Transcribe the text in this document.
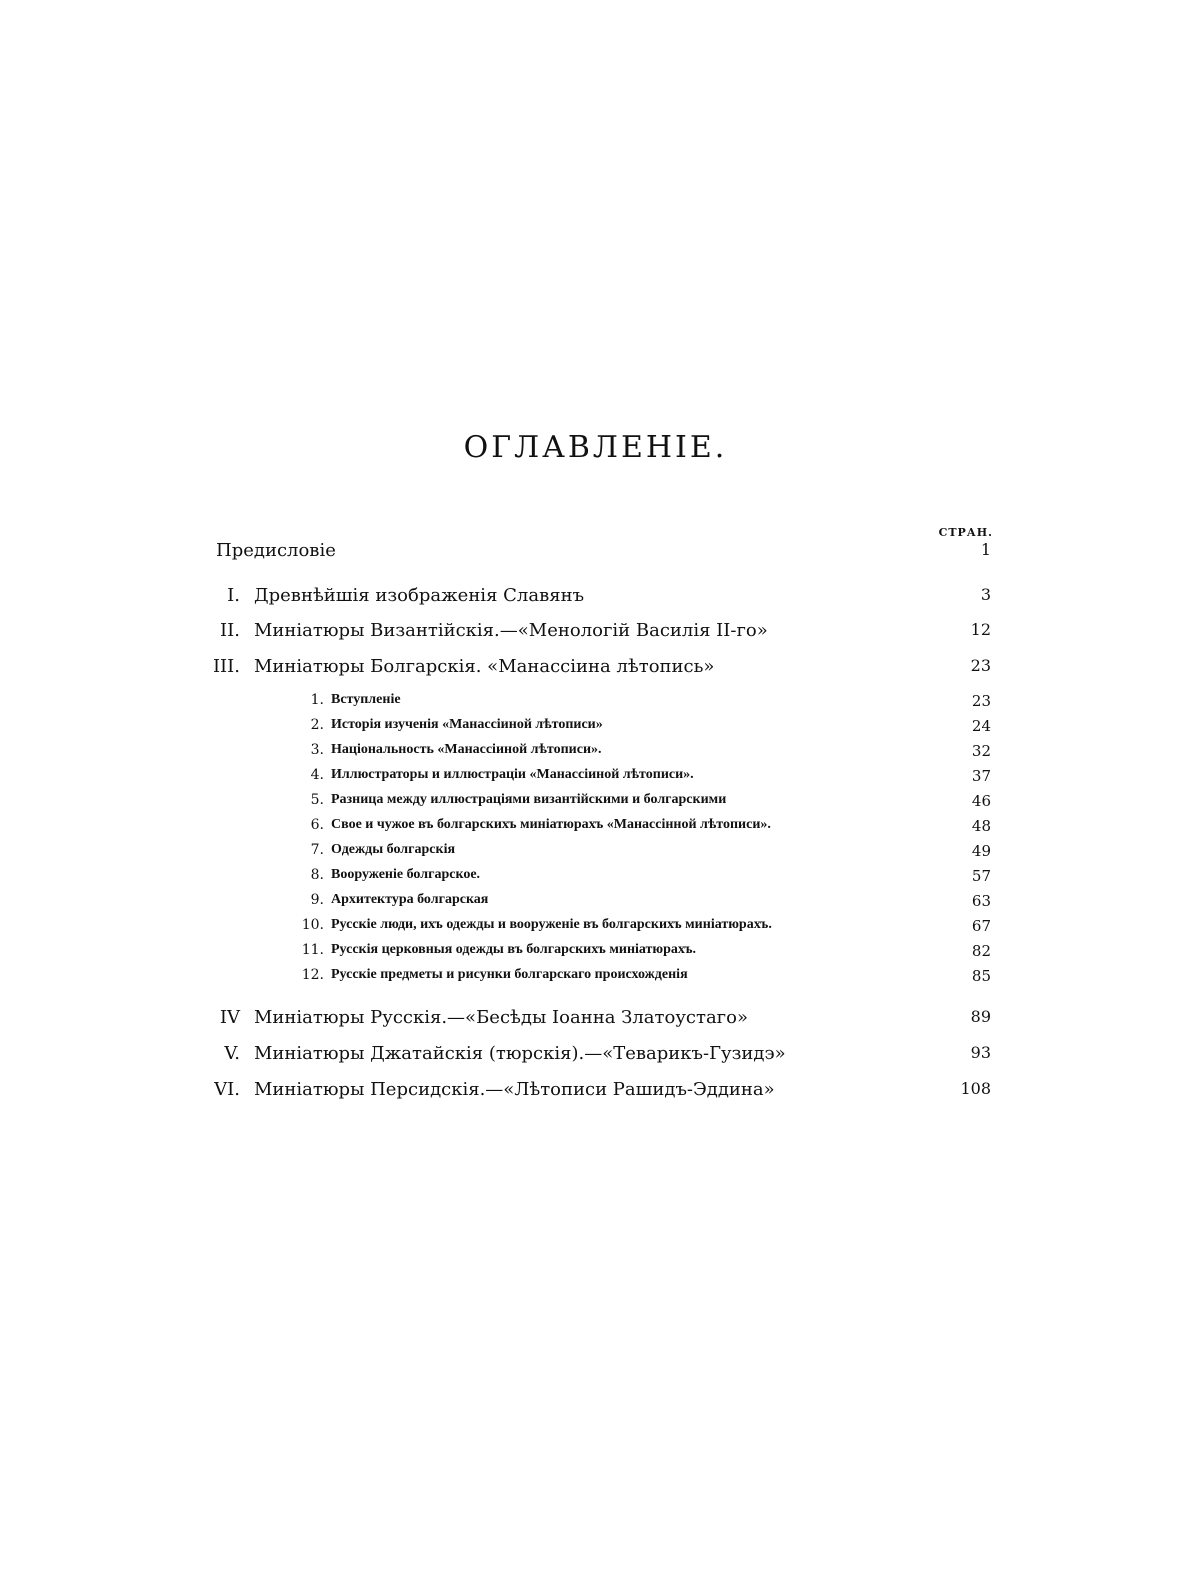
ОГЛАВЛЕНІЕ.
СТРАН.
Предисловіе	1
I. Древнѣйшія изображенія Славянъ	3
II. Миніатюры Византійскія.—«Менологій Василія II-го»	12
III. Миніатюры Болгарскія. «Манассіина лѣтопись»	23
1. Вступленіе	23
2. Исторія изученія «Манассіиной лѣтописи»	24
3. Національность «Манассіиной лѣтописи».	32
4. Иллюстраторы и иллюстраціи «Манассіиной лѣтописи».	37
5. Разница между иллюстраціями византійскими и болгарскими	46
6. Свое и чужое въ болгарскихъ миніатюрахъ «Манассінной лѣтописи».	48
7. Одежды болгарскія	49
8. Вооруженіе болгарское.	57
9. Архитектура болгарская	63
10. Русскіе люди, ихъ одежды и вооруженіе въ болгарскихъ миніатюрахъ.	67
11. Русскія церковныя одежды въ болгарскихъ миніатюрахъ.	82
12. Русскіе предметы и рисунки болгарскаго происхожденія	85
IV Миніатюры Русскія.—«Бесѣды Іоанна Златоустаго»	89
V. Миніатюры Джатайскія (тюрскія).—«Теварикъ-Гузидэ»	93
VI. Миніатюры Персидскія.—«Лѣтописи Рашидъ-Эддина»	108
